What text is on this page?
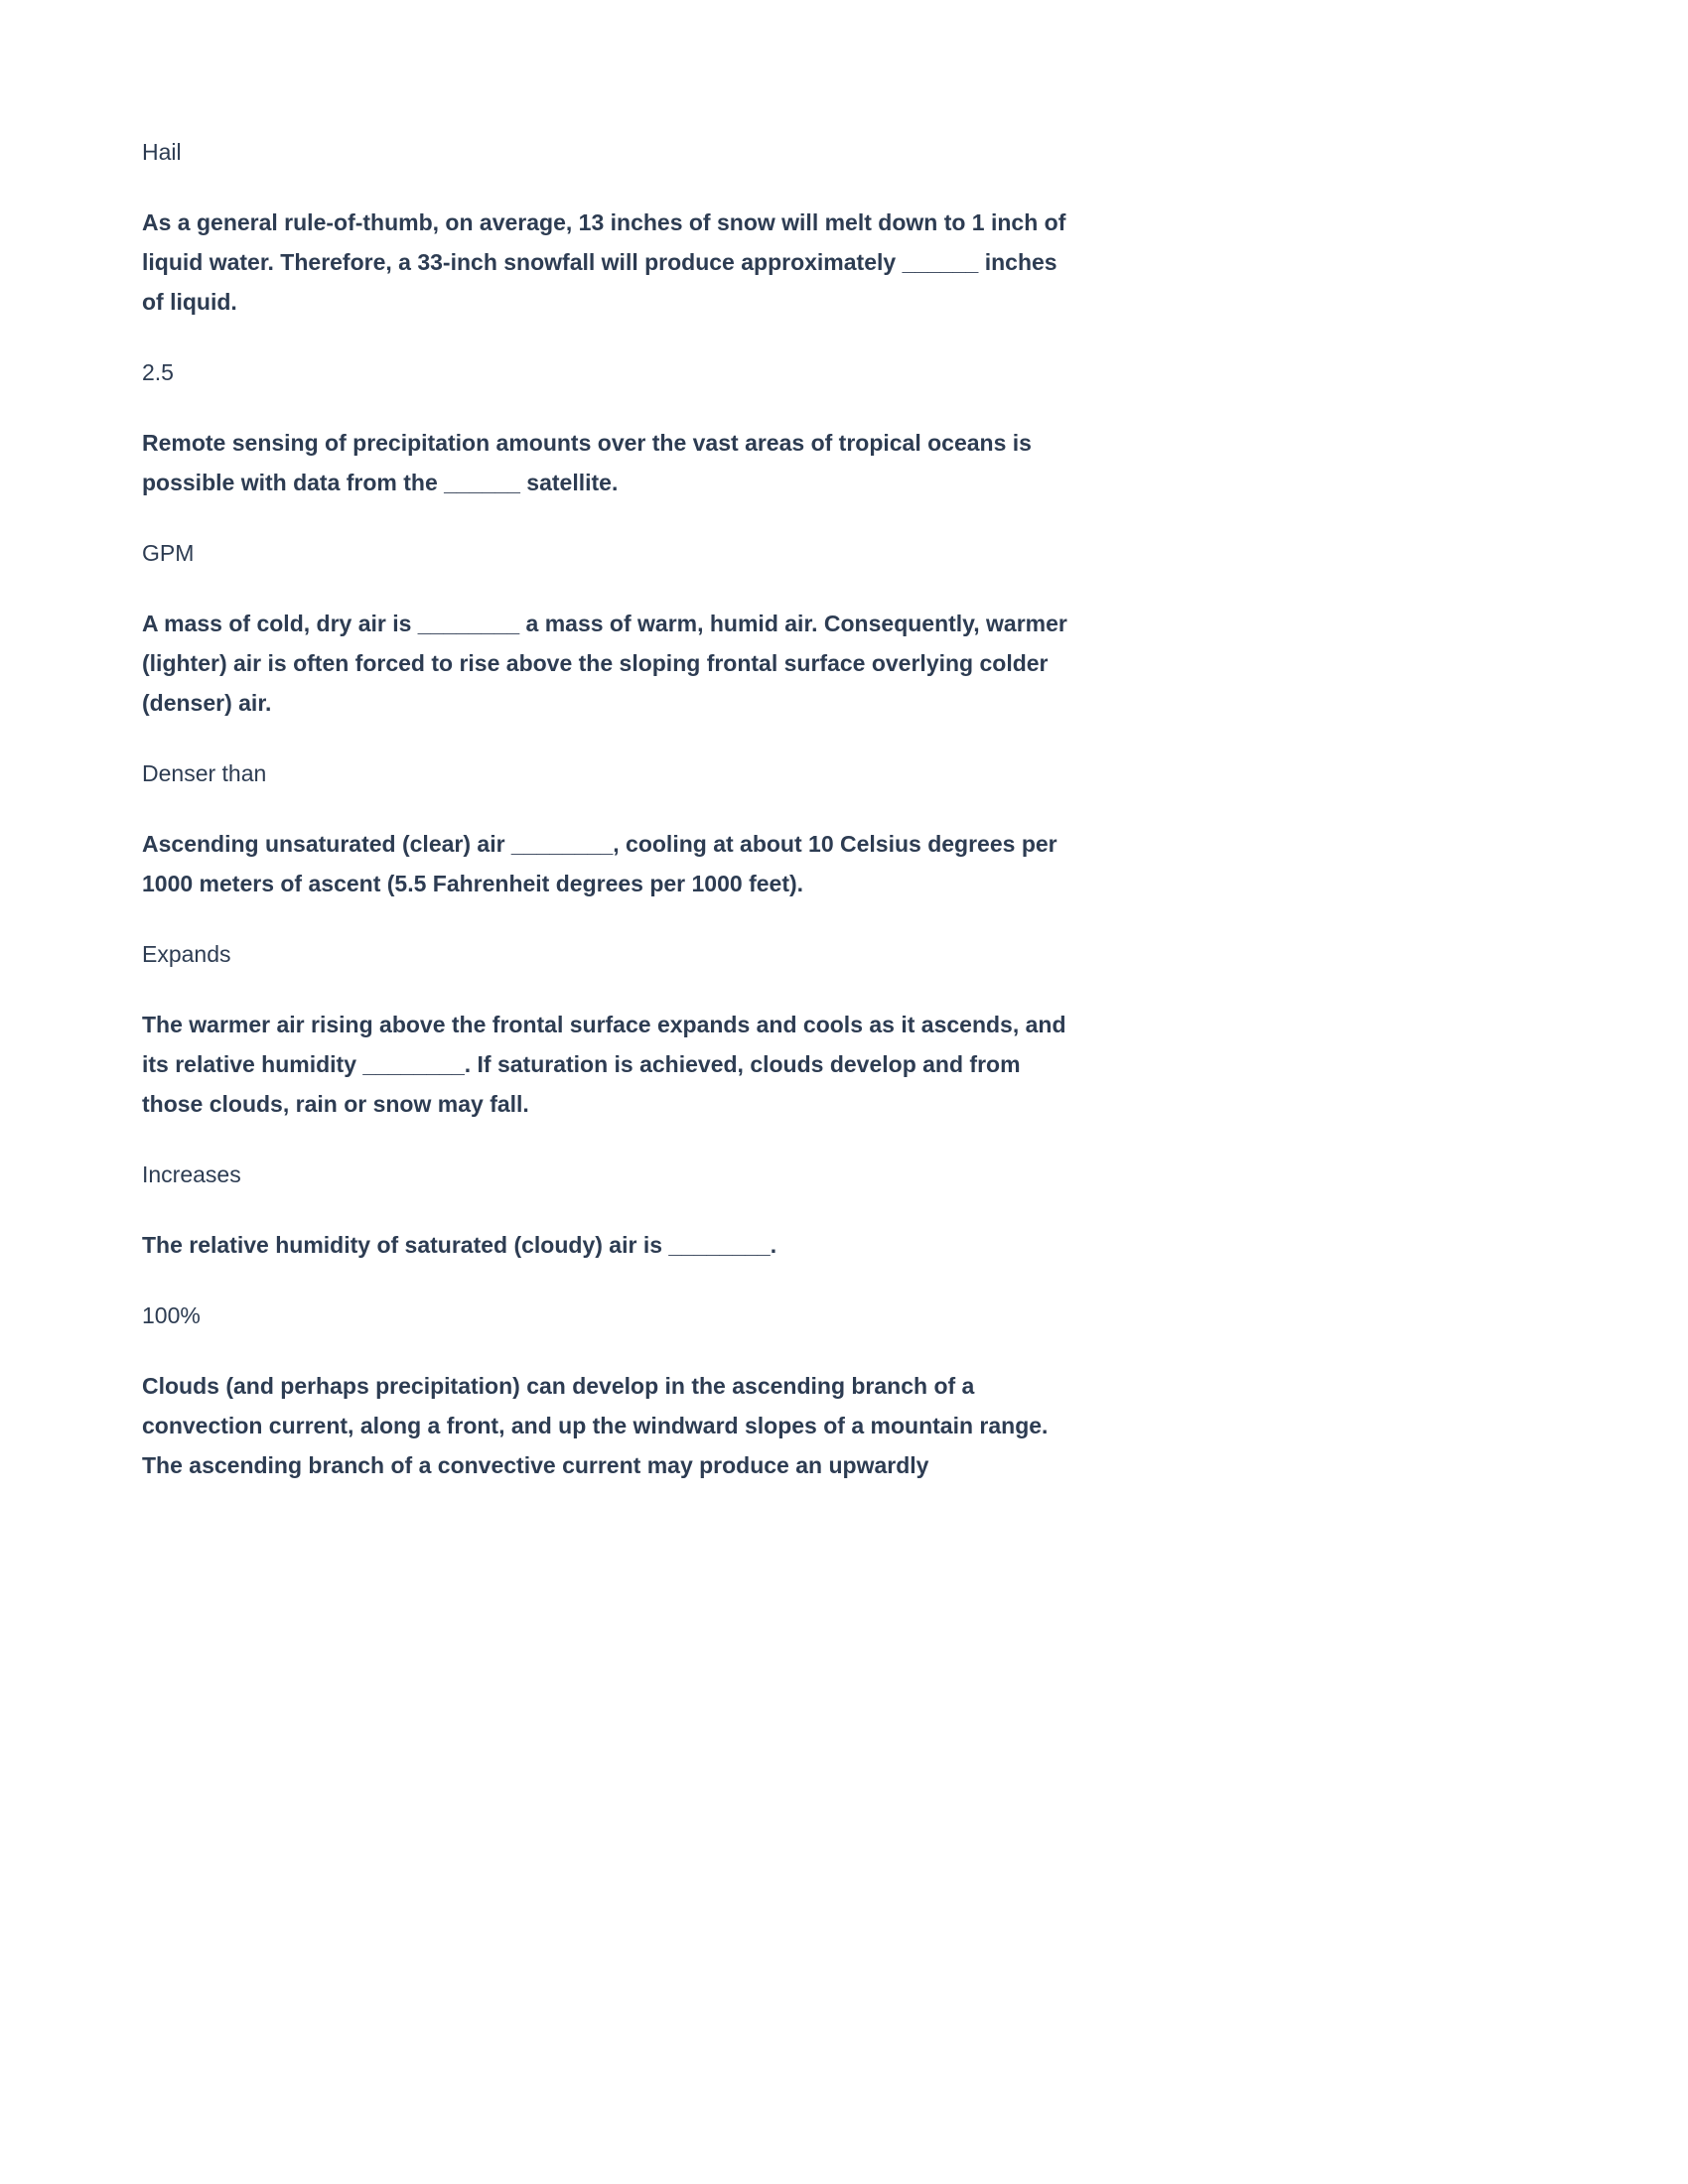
Hail

As a general rule-of-thumb, on average, 13 inches of snow will melt down to 1 inch of liquid water. Therefore, a 33-inch snowfall will produce approximately ______ inches of liquid.

2.5

Remote sensing of precipitation amounts over the vast areas of tropical oceans is possible with data from the ______ satellite.

GPM

A mass of cold, dry air is ________ a mass of warm, humid air. Consequently, warmer (lighter) air is often forced to rise above the sloping frontal surface overlying colder (denser) air.

Denser than

Ascending unsaturated (clear) air ________, cooling at about 10 Celsius degrees per 1000 meters of ascent (5.5 Fahrenheit degrees per 1000 feet).

Expands

The warmer air rising above the frontal surface expands and cools as it ascends, and its relative humidity ________. If saturation is achieved, clouds develop and from those clouds, rain or snow may fall.

Increases

The relative humidity of saturated (cloudy) air is ________.

100%

Clouds (and perhaps precipitation) can develop in the ascending branch of a convection current, along a front, and up the windward slopes of a mountain range. The ascending branch of a convective current may produce an upwardly
